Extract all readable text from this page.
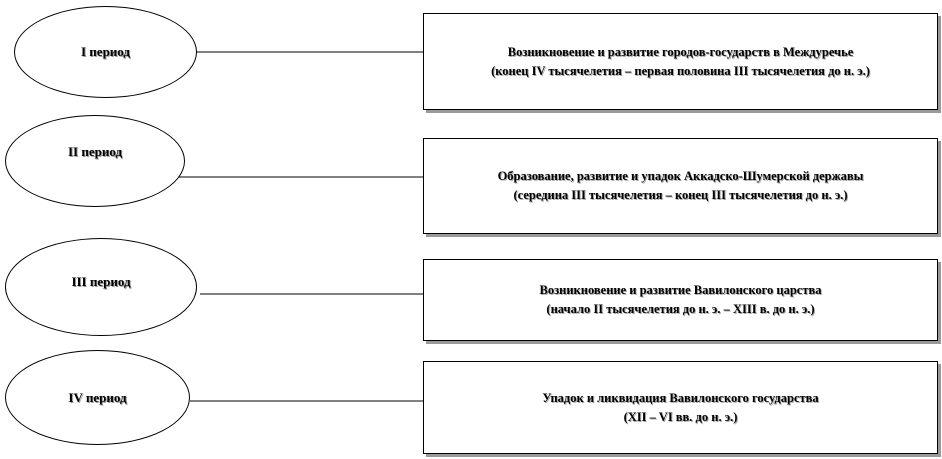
I период
II период
III период
IV период
Возникновение и развитие городов-государств в Междуречье
(конец IV тысячелетия – первая половина III тысячелетия до н. э.)
Образование, развитие и упадок Аккадско-Шумерской державы
(середина III тысячелетия – конец III тысячелетия до н. э.)
Возникновение и развитие Вавилонского царства
(начало II тысячелетия до н. э. – XIII в. до н. э.)
Упадок и ликвидация Вавилонского государства
(XII – VI вв. до н. э.)
